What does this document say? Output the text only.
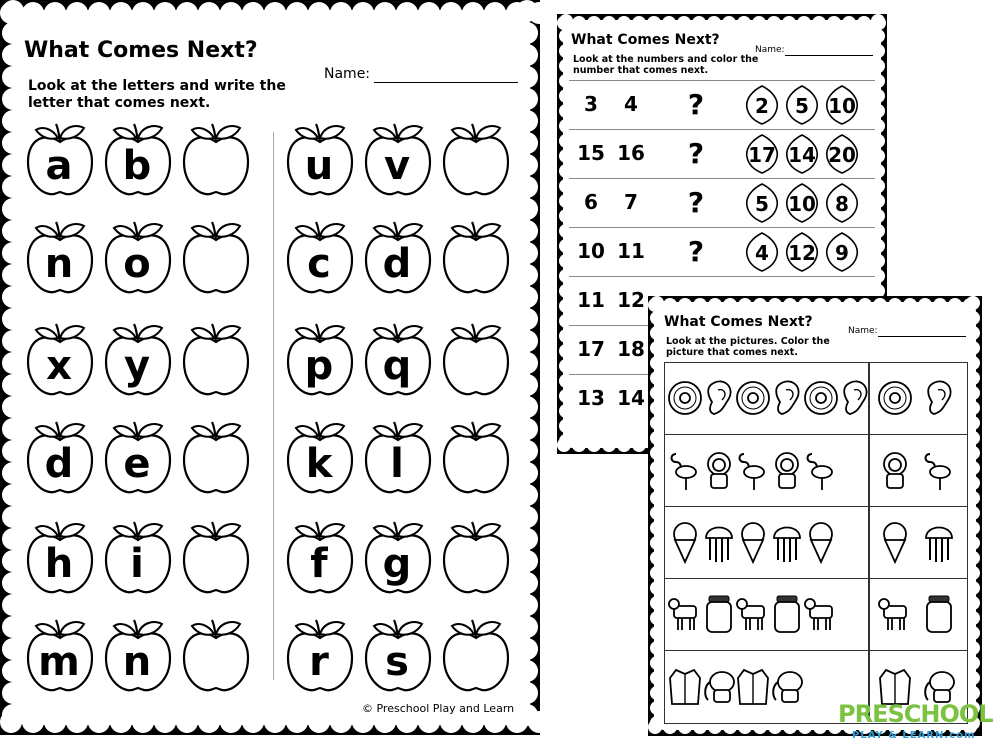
What Comes Next?
Name:
Look at the letters and write the letter that comes next.
a	b
n	o
x	y
d	e
h	i
m	n
u	v
c	d
p	q
k	l
f	g
r	s
© Preschool Play and Learn
What Comes Next?
Name:
Look at the numbers and color the number that comes next.
3	4	?	2	5 10
15 16 ?	17 14 20
6	7	?	5 10 8
10 11 ?	4 12 9
11 12
17 18
13 14
What Comes Next?
Name:
Look at the pictures. Color the picture that comes next.
PRESCHOOL
PLAY & LEARN.com
